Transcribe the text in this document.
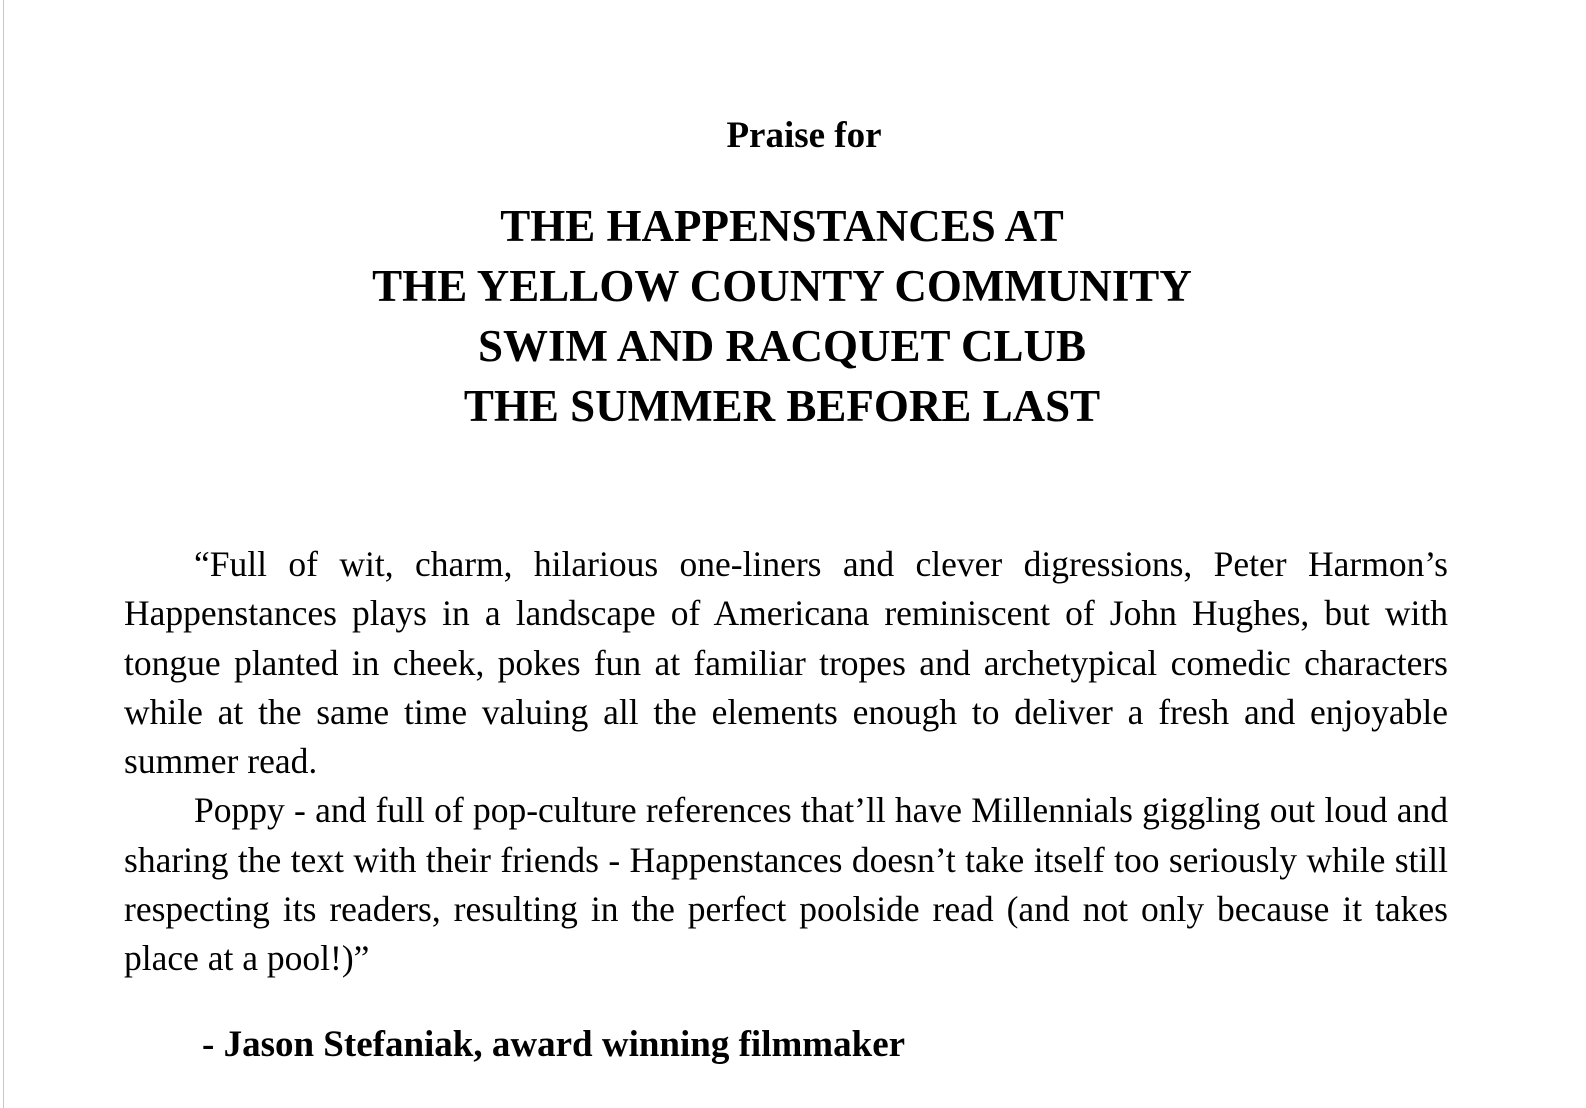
Praise for
THE HAPPENSTANCES AT
THE YELLOW COUNTY COMMUNITY
SWIM AND RACQUET CLUB
THE SUMMER BEFORE LAST

“Full of wit, charm, hilarious one-liners and clever digressions, Peter Harmon’s Happenstances plays in a landscape of Americana reminiscent of John Hughes, but with tongue planted in cheek, pokes fun at familiar tropes and archetypical comedic characters while at the same time valuing all the elements enough to deliver a fresh and enjoyable summer read.

Poppy - and full of pop-culture references that’ll have Millennials giggling out loud and sharing the text with their friends - Happenstances doesn’t take itself too seriously while still respecting its readers, resulting in the perfect poolside read (and not only because it takes place at a pool!)”

- Jason Stefaniak, award winning filmmaker
